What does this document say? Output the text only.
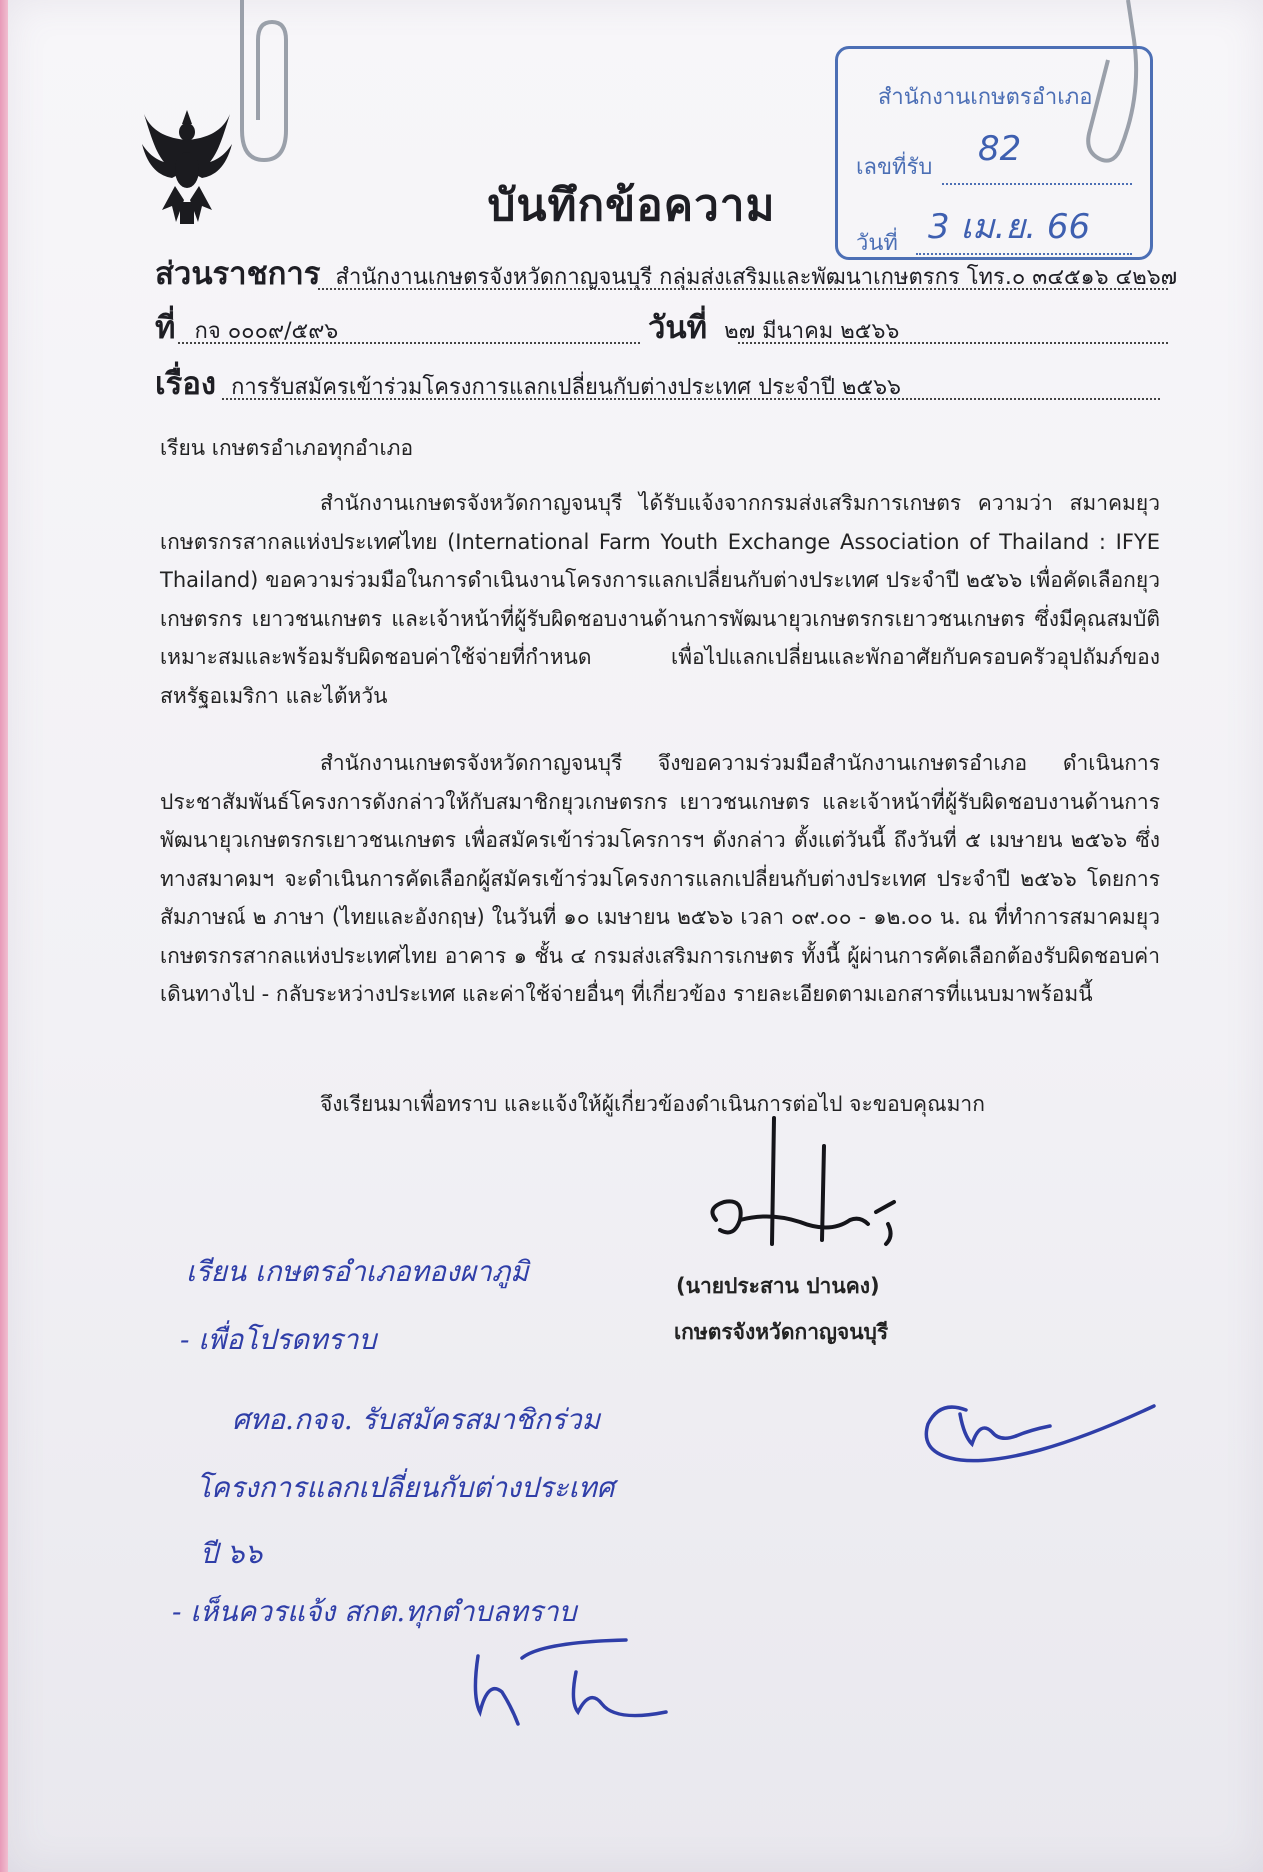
บันทึกข้อความ
สำนักงานเกษตรอำเภอ
เลขที่รับ 82
วันที่ 3 เม.ย. 66
ส่วนราชการ สำนักงานเกษตรจังหวัดกาญจนบุรี กลุ่มส่งเสริมและพัฒนาเกษตรกร โทร.๐ ๓๔๕๑๖ ๔๒๖๗
ที่ กจ ๐๐๐๙/๕๙๖	วันที่ ๒๗ มีนาคม ๒๕๖๖
เรื่อง การรับสมัครเข้าร่วมโครงการแลกเปลี่ยนกับต่างประเทศ ประจำปี ๒๕๖๖
เรียน เกษตรอำเภอทุกอำเภอ
สำนักงานเกษตรจังหวัดกาญจนบุรี ได้รับแจ้งจากกรมส่งเสริมการเกษตร ความว่า สมาคมยุวเกษตรกรสากลแห่งประเทศไทย (International Farm Youth Exchange Association of Thailand : IFYE Thailand) ขอความร่วมมือในการดำเนินงานโครงการแลกเปลี่ยนกับต่างประเทศ ประจำปี ๒๕๖๖ เพื่อคัดเลือกยุวเกษตรกร เยาวชนเกษตร และเจ้าหน้าที่ผู้รับผิดชอบงานด้านการพัฒนายุวเกษตรกรเยาวชนเกษตร ซึ่งมีคุณสมบัติเหมาะสมและพร้อมรับผิดชอบค่าใช้จ่ายที่กำหนด เพื่อไปแลกเปลี่ยนและพักอาศัยกับครอบครัวอุปถัมภ์ของสหรัฐอเมริกา และไต้หวัน
สำนักงานเกษตรจังหวัดกาญจนบุรี จึงขอความร่วมมือสำนักงานเกษตรอำเภอ ดำเนินการประชาสัมพันธ์โครงการดังกล่าวให้กับสมาชิกยุวเกษตรกร เยาวชนเกษตร และเจ้าหน้าที่ผู้รับผิดชอบงานด้านการพัฒนายุวเกษตรกรเยาวชนเกษตร เพื่อสมัครเข้าร่วมโครการฯ ดังกล่าว ตั้งแต่วันนี้ ถึงวันที่ ๕ เมษายน ๒๕๖๖ ซึ่งทางสมาคมฯ จะดำเนินการคัดเลือกผู้สมัครเข้าร่วมโครงการแลกเปลี่ยนกับต่างประเทศ ประจำปี ๒๕๖๖ โดยการสัมภาษณ์ ๒ ภาษา (ไทยและอังกฤษ) ในวันที่ ๑๐ เมษายน ๒๕๖๖ เวลา ๐๙.๐๐ - ๑๒.๐๐ น. ณ ที่ทำการสมาคมยุวเกษตรกรสากลแห่งประเทศไทย อาคาร ๑ ชั้น ๔ กรมส่งเสริมการเกษตร ทั้งนี้ ผู้ผ่านการคัดเลือกต้องรับผิดชอบค่าเดินทางไป - กลับระหว่างประเทศ และค่าใช้จ่ายอื่นๆ ที่เกี่ยวข้อง รายละเอียดตามเอกสารที่แนบมาพร้อมนี้
จึงเรียนมาเพื่อทราบ และแจ้งให้ผู้เกี่ยวข้องดำเนินการต่อไป จะขอบคุณมาก
(นายประสาน ปานคง)
เกษตรจังหวัดกาญจนบุรี
เรียน เกษตรอำเภอทองผาภูมิ
- เพื่อโปรดทราบ
ศทอ.กจจ. รับสมัครสมาชิกร่วม
โครงการแลกเปลี่ยนกับต่างประเทศ
ปี ๖๖
- เห็นควรแจ้ง สกต.ทุกตำบลทราบ
